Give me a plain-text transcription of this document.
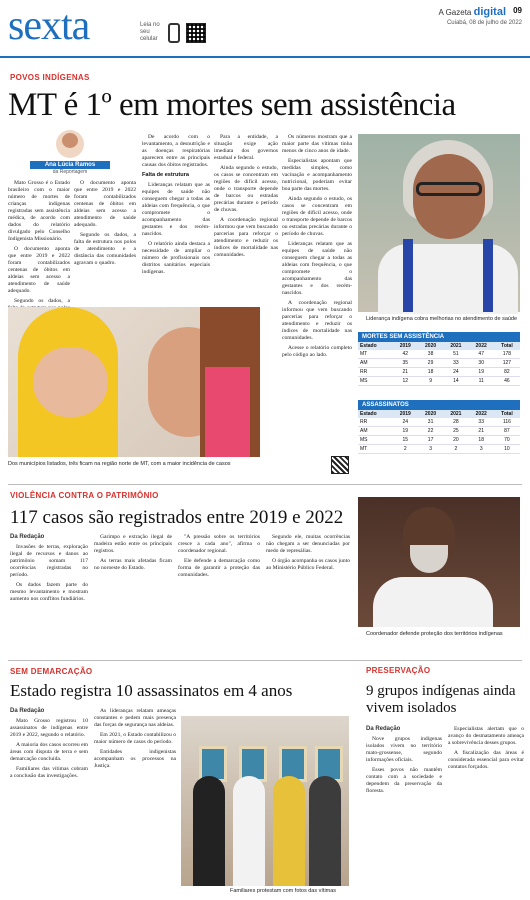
sexta	Leia no seu celular
A Gazeta digital 09
Cuiabá, 08 de julho de 2022
POVOS INDÍGENAS
MT é 1º em mortes sem assistência
Ana Lúcia Ramos
da Reportagem

Mato Grosso é o Estado brasileiro com o maior número de mortes de crianças indígenas registradas sem assistência médica, de acordo com dados do relatório divulgado pelo Conselho Indigenista Missionário.

O documento aponta que entre 2019 e 2022 foram contabilizados centenas de óbitos em aldeias sem acesso a atendimento de saúde adequado.

Segundo os dados, a

O documento aponta que entre 2019 e 2022 foram contabilizados centenas de óbitos em aldeias sem acesso a atendimento de saúde adequado.

Segundo os dados, a falta de estrutura nos polos de atendimento e a distância das comunidades agravam o quadro.

De acordo com o levantamento, a desnutrição e as doenças respiratórias aparecem entre as principais causas dos óbitos registrados.

Falta de estrutura

Lideranças relatam que as equipes de saúde não conseguem chegar a todas as aldeias com frequência, o que compromete o acompanhamento das gestantes e dos recém-nascidos.

O relatório ainda destaca a necessidade de ampliar o número de profissionais nos distritos sanitários especiais indígenas.

Para a entidade, a situação exige ação imediata dos governos estadual e federal.

Ainda segundo o estudo, os casos se concentram em regiões de difícil acesso, onde o transporte depende de barcos ou estradas precárias durante o período de chuvas.

A coordenação regional informou que vem buscando parcerias para reforçar o atendimento e reduzir os índices de mortalidade nas comunidades.

Os números mostram que a maior parte das vítimas tinha menos de cinco anos de idade.

Especialistas apontam que medidas simples, como vacinação e acompanhamento nutricional, poderiam evitar boa parte das mortes.

Ainda segundo o estudo, os casos se concentram em regiões de difícil acesso, onde o transporte depende de barcos ou estradas precárias durante o período de chuvas.

Lideranças relatam que as equipes de saúde não conseguem chegar a todas as aldeias com frequência, o que compromete o acompanhamento das gestantes e dos recém-nascidos.

A coordenação regional informou que vem buscando parcerias para reforçar o atendimento e reduzir os índices de mortalidade nas comunidades.

Acesse o relatório completo pelo código ao lado.

Dos municípios listados, três ficam na região norte de MT, com a maior incidência de casos
Liderança indígena cobra melhorias no atendimento de saúde
MORTES SEM ASSISTÊNCIA
Estado	2019	2020	2021	2022	Total
MT	42	38	51	47	178
AM	35	29	33	30	127
RR	21	18	24	19	82
MS	12	9	14	11	46
ASSASSINATOS
Estado	2019	2020	2021	2022	Total
RR	24	31	28	33	116
AM	19	22	25	21	87
MS	15	17	20	18	70
MT	2	3	2	3	10
VIOLÊNCIA CONTRA O PATRIMÔNIO
117 casos são registrados entre 2019 e 2022
Da Redação

Invasões de terras, exploração ilegal de recursos e danos ao patrimônio somam 117 ocorrências registradas no período.

Os dados fazem parte do mesmo levantamento e mostram aumento nos conflitos fundiários.

Garimpo e extração ilegal de madeira estão entre os principais registros.

As terras mais afetadas ficam no noroeste do Estado.

"A pressão sobre os territórios cresce a cada ano", afirma o coordenador regional.

Ele defende a demarcação como forma de garantir a proteção das comunidades.

Segundo ele, muitas ocorrências não chegam a ser denunciadas por medo de represálias.

O órgão acompanha os casos junto ao Ministério Público Federal.

Coordenador defende proteção dos territórios indígenas
SEM DEMARCAÇÃO
Estado registra 10 assassinatos em 4 anos
Da Redação

Mato Grosso registrou 10 assassinatos de indígenas entre 2019 e 2022, segundo o relatório.

A maioria dos casos ocorreu em áreas com disputa de terra e sem demarcação concluída.

Familiares das vítimas cobram a conclusão das investigações.

As lideranças relatam ameaças constantes e pedem mais presença das forças de segurança nas aldeias.

Em 2021, o Estado contabilizou o maior número de casos do período.

Entidades indigenistas acompanham os processos na Justiça.

Familiares protestam com fotos das vítimas
PRESERVAÇÃO
9 grupos indígenas ainda vivem isolados
Da Redação

Nove grupos indígenas isolados vivem no território mato-grossense, segundo informações oficiais.

Esses povos não mantêm contato com a sociedade e dependem da preservação da floresta.

Especialistas alertam que o avanço do desmatamento ameaça a sobrevivência desses grupos.

A fiscalização das áreas é considerada essencial para evitar contatos forçados.
